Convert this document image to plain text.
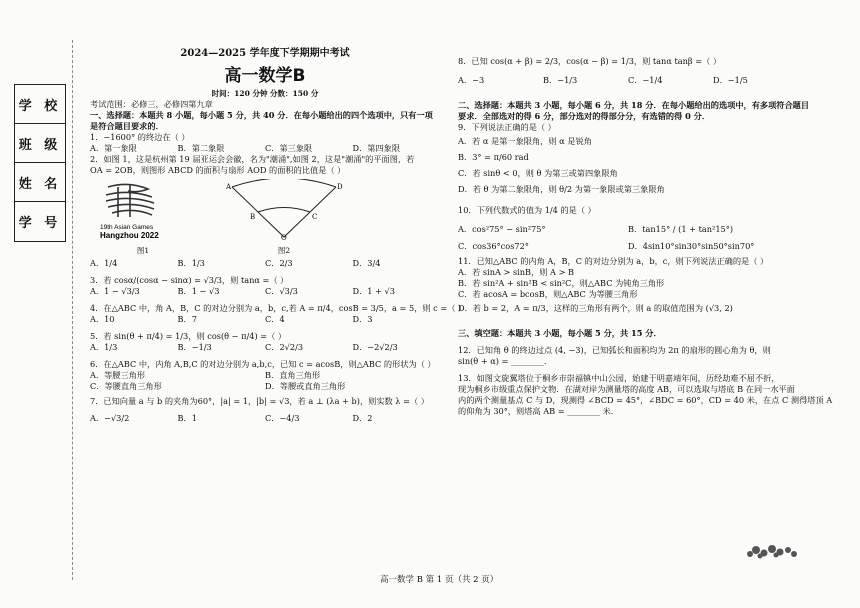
学 校
班 级
姓 名
学 号
2024—2025 学年度下学期期中考试
高一数学B
时间：120 分钟 分数：150 分
考试范围：必修三，必修四第九章
一、选择题：本题共 8 小题，每小题 5 分，共 40 分．在每小题给出的四个选项中，只有一项
是符合题目要求的．
1．−1600° 的终边在（ ）
A．第一象限	B．第二象限	C．第三象限	D．第四象限
2．如图 1，这是杭州第 19 届亚运会会徽，名为"潮涌",如图 2，这是"潮涌"的平面图，若
OA = 2OB，则图形 ABCD 的面积与扇形 AOD 的面积的比值是（ ）
19th Asian Games
Hangzhou 2022
图1
A
B	C
D
O
图2
A．1/4	B．1/3	C．2/3	D．3/4
3．若 cosα/(cosα − sinα) = √3/3，则 tanα =（ ）
A．1 − √3/3	B．1 − √3	C．√3/3	D．1 + √3
4．在△ABC 中，角 A，B，C 的对边分别为 a，b，c,若 A = π/4，cosB = 3/5，a = 5，则 c =（ ）
A．10	B．7	C．4	D．3
5．若 sin(θ + π/4) = 1/3，则 cos(θ − π/4) =（ ）
A．1/3	B．−1/3	C．2√2/3	D．−2√2/3
6．在△ABC 中，内角 A,B,C 的对边分别为 a,b,c，已知 c = acosB，则△ABC 的形状为（ ）
A．等腰三角形	B．直角三角形
C．等腰直角三角形	D．等腰或直角三角形
7．已知向量 a 与 b 的夹角为60°，|a| = 1，|b| = √3，若 a ⊥ (λa + b)，则实数 λ =（ ）
A．−√3/2	B．1	C．−4/3	D．2
8．已知 cos(α + β) = 2/3，cos(α − β) = 1/3，则 tanα tanβ =（ ）
A．−3	B．−1/3	C．−1/4	D．−1/5
二、选择题：本题共 3 小题，每小题 6 分，共 18 分．在每小题给出的选项中，有多项符合题目
要求．全部选对的得 6 分，部分选对的得部分分，有选错的得 0 分．
9．下列说法正确的是（ ）
A．若 α 是第一象限角，则 α 是锐角
B．3° = π/60 rad
C．若 sinθ < 0，则 θ 为第三或第四象限角
D．若 θ 为第二象限角，则 θ/2 为第一象限或第三象限角
10．下列代数式的值为 1/4 的是（ ）
A．cos²75° − sin²75°	B．tan15° / (1 + tan²15°)
C．cos36°cos72°	D．4sin10°sin30°sin50°sin70°
11．已知△ABC 的内角 A，B，C 的对边分别为 a，b，c，则下列说法正确的是（ ）
A．若 sinA > sinB，则 A > B
B．若 sin²A + sin²B < sin²C，则△ABC 为钝角三角形
C．若 acosA = bcosB，则△ABC 为等腰三角形
D．若 b = 2，A = π/3，这样的三角形有两个，则 a 的取值范围为 (√3, 2)
三、填空题：本题共 3 小题，每小题 5 分，共 15 分．
12．已知角 θ 的终边过点 (4, −3)，已知弧长和面积均为 2π 的扇形的圆心角为 θ，则
sin(θ + α) = ________．
13．如图文旋翼塔位于桐乡市崇福镇中山公园，始建于明嘉靖年间，历经劫难不屈不折，
现为桐乡市级重点保护文物．在湖对岸为测量塔的高度 AB，可以选取与塔底 B 在同一水平面
内的两个测量基点 C 与 D，现测得 ∠BCD = 45°，∠BDC = 60°，CD = 40 米，在点 C 测得塔顶 A
的仰角为 30°，则塔高 AB = ________ 米．
高一数学 B 第 1 页（共 2 页）
